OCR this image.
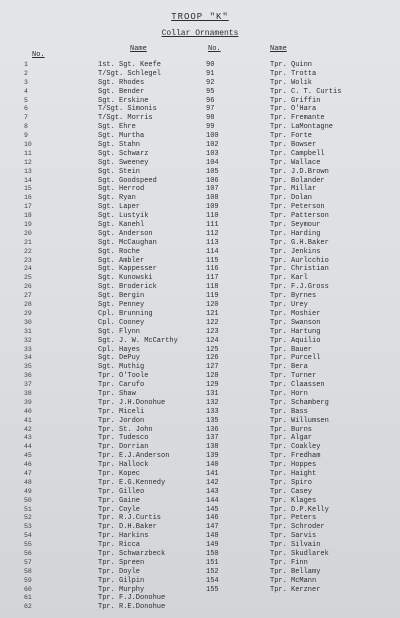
TROOP "K"
Collar Ornaments
No.
Name	No.	Name
1	1st. Sgt. Keefe	90	Tpr. Quinn
2	T/Sgt. Schlegel	91	Tpr. Trotta
3	Sgt. Rhodes	92	Tpr. Wolik
4	Sgt. Bender	95	Tpr. C. T. Curtis
5	Sgt. Erskine	96	Tpr. Griffin
6	T/Sgt. Simonis	97	Tpr. O'Hara
7	T/Sgt. Morris	98	Tpr. Fremante
8	Sgt. Ehre	99	Tpr. LaMontagne
9	Sgt. Murtha	100	Tpr. Forte
10	Sgt. Stahn	102	Tpr. Bowser
11	Sgt. Schwarz	103	Tpr. Campbell
12	Sgt. Sweeney	104	Tpr. Wallace
13	Sgt. Stein	105	Tpr. J.D.Brown
14	Sgt. Goodspeed	106	Tpr. Bolander
15	Sgt. Herrod	107	Tpr. Millar
16	Sgt. Ryan	108	Tpr. Dolan
17	Sgt. Laper	109	Tpr. Peterson
18	Sgt. Lustyik	110	Tpr. Patterson
19	Sgt. Kanehl	111	Tpr. Seymour
20	Sgt. Anderson	112	Tpr. Harding
21	Sgt. McCaughan	113	Tpr. G.H.Baker
22	Sgt. Roche	114	Tpr. Jenkins
23	Sgt. Ambler	115	Tpr. Aurlcchio
24	Sgt. Kappesser	116	Tpr. Christian
25	Sgt. Kunowski	117	Tpr. Karl
26	Sgt. Broderick	118	Tpr. F.J.Gross
27	Sgt. Bergin	119	Tpr. Byrnes
28	Sgt. Penney	120	Tpr. Urey
29	Cpl. Brunning	121	Tpr. Moshier
30	Cpl. Cooney	122	Tpr. Swanson
31	Sgt. Flynn	123	Tpr. Hartung
32	Sgt. J. W. McCarthy	124	Tpr. Aquilio
33	Cpl. Hayes	125	Tpr. Bauer
34	Sgt. DePuy	126	Tpr. Purcell
35	Sgt. Muthig	127	Tpr. Bera
36	Tpr. O'Toole	128	Tpr. Turner
37	Tpr. Carufo	129	Tpr. Claassen
38	Tpr. Shaw	131	Tpr. Horn
39	Tpr. J.H.Donohue	132	Tpr. Schamberg
40	Tpr. Miceli	133	Tpr. Bass
41	Tpr. Jordon	135	Tpr. Willumsen
42	Tpr. St. John	136	Tpr. Burns
43	Tpr. Tudesco	137	Tpr. Algar
44	Tpr. Dorrian	138	Tpr. Coakley
45	Tpr. E.J.Anderson	139	Tpr. Fredham
46	Tpr. Hallock	140	Tpr. Hoppes
47	Tpr. Kopec	141	Tpr. Haight
48	Tpr. E.G.Kennedy	142	Tpr. Spiro
49	Tpr. Gilleo	143	Tpr. Casey
50	Tpr. Gaine	144	Tpr. Klages
51	Tpr. Coyle	145	Tpr. D.P.Kelly
52	Tpr. R.J.Curtis	146	Tpr. Peters
53	Tpr. D.H.Baker	147	Tpr. Schroder
54	Tpr. Harkins	148	Tpr. Sarvis
55	Tpr. Ricca	149	Tpr. Silvain
56	Tpr. Schwarzbeck	150	Tpr. Skudlarek
57	Tpr. Spreen	151	Tpr. Finn
58	Tpr. Doyle	152	Tpr. Bellamy
59	Tpr. Gilpin	154	Tpr. McMann
60	Tpr. Murphy	155	Tpr. Kerzner
61	Tpr. F.J.Donohue
62	Tpr. R.E.Donohue
